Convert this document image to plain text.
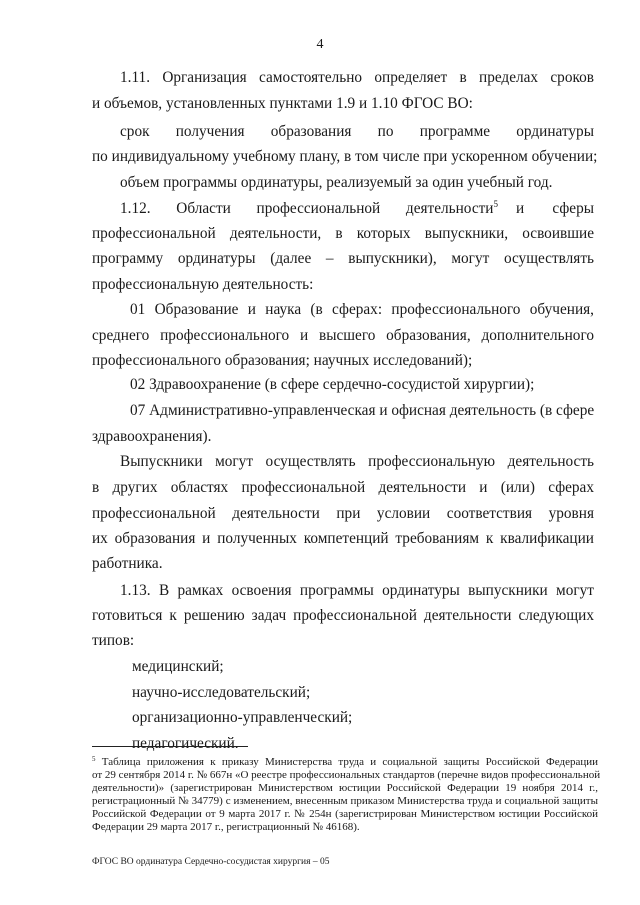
4
1.11. Организация самостоятельно определяет в пределах сроков
и объемов, установленных пунктами 1.9 и 1.10 ФГОС ВО:
срок получения образования по программе ординатуры
по индивидуальному учебному плану, в том числе при ускоренном обучении;
объем программы ординатуры, реализуемый за один учебный год.
1.12. Области профессиональной деятельности$^5$ и сферы
профессиональной деятельности, в которых выпускники, освоившие
программу ординатуры (далее – выпускники), могут осуществлять
профессиональную деятельность:
01 Образование и наука (в сферах: профессионального обучения,
среднего профессионального и высшего образования, дополнительного
профессионального образования; научных исследований);
02 Здравоохранение (в сфере сердечно-сосудистой хирургии);
07 Административно-управленческая и офисная деятельность (в сфере
здравоохранения).
Выпускники могут осуществлять профессиональную деятельность
в других областях профессиональной деятельности и (или) сферах
профессиональной деятельности при условии соответствия уровня
их образования и полученных компетенций требованиям к квалификации
работника.
1.13. В рамках освоения программы ординатуры выпускники могут
готовиться к решению задач профессиональной деятельности следующих
типов:
медицинский;
научно-исследовательский;
организационно-управленческий;
педагогический.
$^5$ Таблица приложения к приказу Министерства труда и социальной защиты Российской Федерации
от 29 сентября 2014 г. № 667н «О реестре профессиональных стандартов (перечне видов профессиональной
деятельности)» (зарегистрирован Министерством юстиции Российской Федерации 19 ноября 2014 г.,
регистрационный № 34779) с изменением, внесенным приказом Министерства труда и социальной защиты
Российской Федерации от 9 марта 2017 г. № 254н (зарегистрирован Министерством юстиции Российской
Федерации 29 марта 2017 г., регистрационный № 46168).
ФГОС ВО ординатура Сердечно-сосудистая хирургия – 05
